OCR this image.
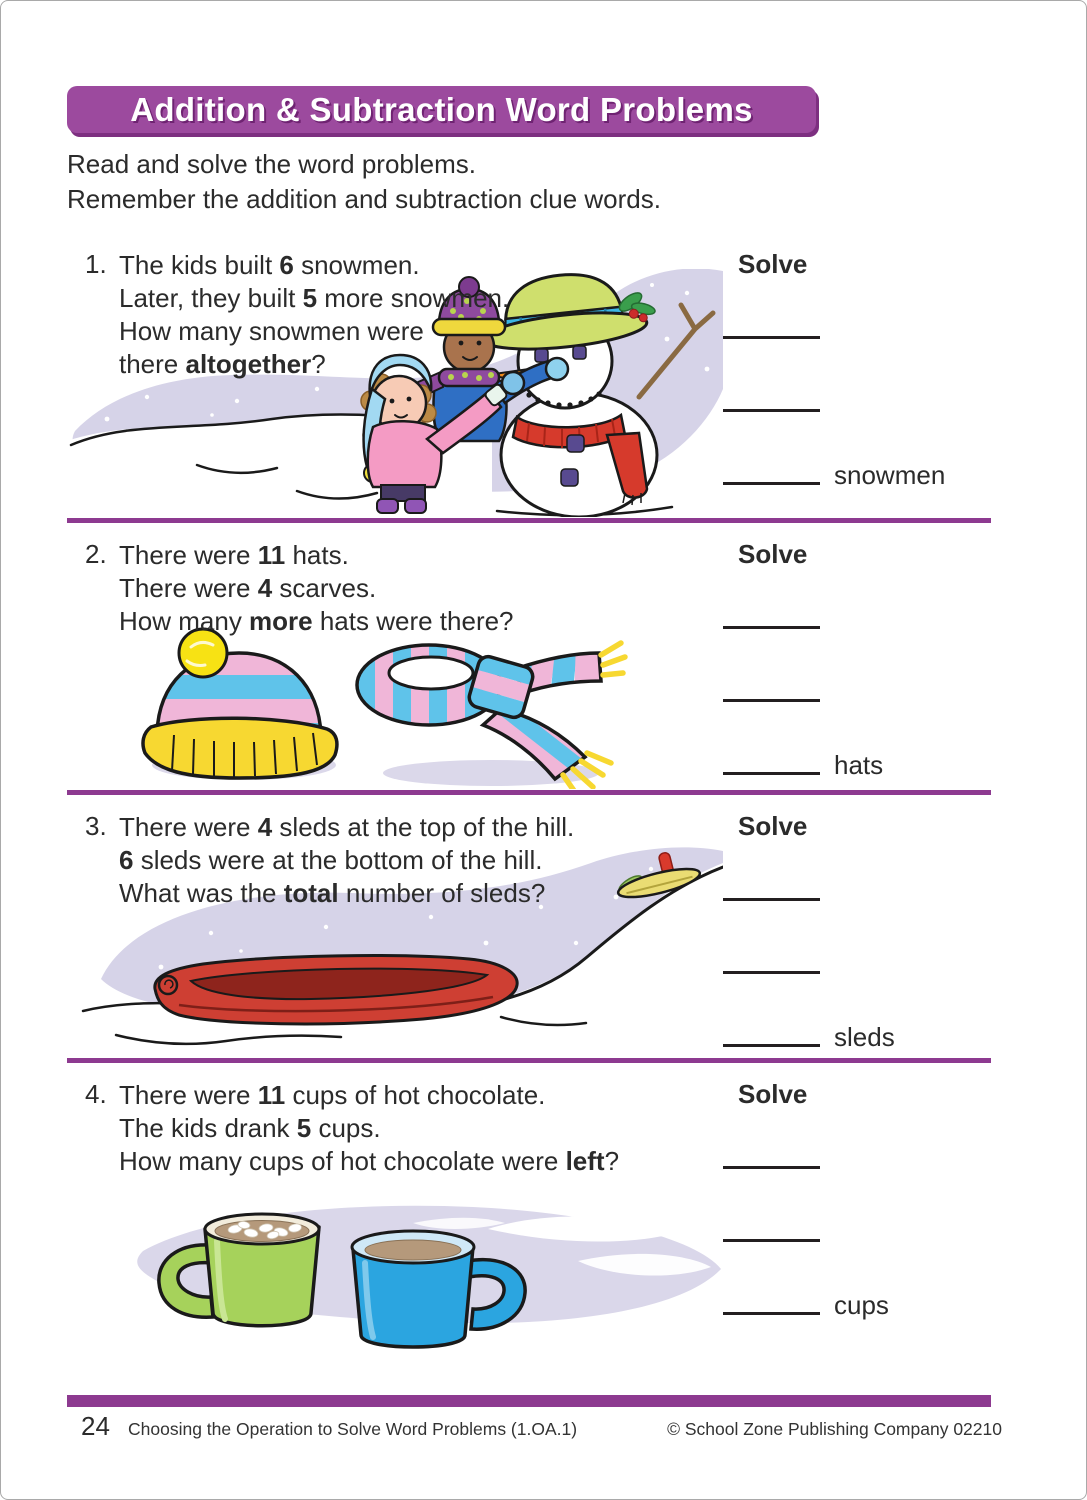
Addition & Subtraction Word Problems
Read and solve the word problems.
Remember the addition and subtraction clue words.
1. The kids built 6 snowmen.
Later, they built 5 more snowmen.
How many snowmen were
there altogether?
Solve
snowmen
2. There were 11 hats.
There were 4 scarves.
How many more hats were there?
Solve
hats
3. There were 4 sleds at the top of the hill.
6 sleds were at the bottom of the hill.
What was the total number of sleds?
Solve
sleds
4. There were 11 cups of hot chocolate.
The kids drank 5 cups.
How many cups of hot chocolate were left?
Solve
cups
24 Choosing the Operation to Solve Word Problems (1.OA.1)	© School Zone Publishing Company 02210
